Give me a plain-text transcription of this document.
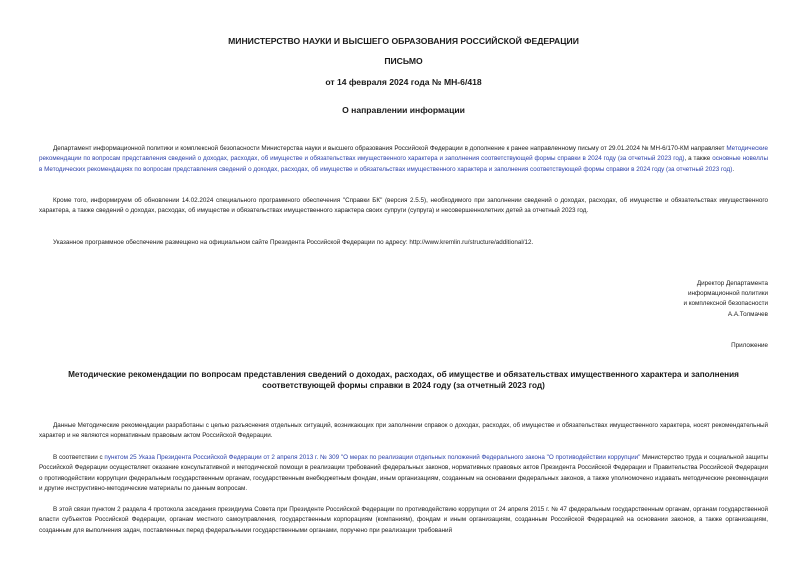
МИНИСТЕРСТВО НАУКИ И ВЫСШЕГО ОБРАЗОВАНИЯ РОССИЙСКОЙ ФЕДЕРАЦИИ

ПИСЬМО

от 14 февраля 2024 года № МН-6/418

О направлении информации

Департамент информационной политики и комплексной безопасности Министерства науки и высшего образования Российской Федерации в дополнение к ранее направленному письму от 29.01.2024 № МН-6/170-КМ направляет Методические рекомендации по вопросам представления сведений о доходах, расходах, об имуществе и обязательствах имущественного характера и заполнения соответствующей формы справки в 2024 году (за отчетный 2023 год), а также основные новеллы в Методических рекомендациях по вопросам представления сведений о доходах, расходах, об имуществе и обязательствах имущественного характера и заполнения соответствующей формы справки в 2024 году (за отчетный 2023 год).

Кроме того, информируем об обновлении 14.02.2024 специального программного обеспечения "Справки БК" (версия 2.5.5), необходимого при заполнении сведений о доходах, расходах, об имуществе и обязательствах имущественного характера, а также сведений о доходах, расходах, об имуществе и обязательствах имущественного характера своих супруги (супруга) и несовершеннолетних детей за отчетный 2023 год.

Указанное программное обеспечение размещено на официальном сайте Президента Российской Федерации по адресу: http://www.kremlin.ru/structure/additional/12.

Директор Департамента
информационной политики
и комплексной безопасности
А.А.Толмачев

Приложение

Методические рекомендации по вопросам представления сведений о доходах, расходах, об имуществе и обязательствах имущественного характера и заполнения соответствующей формы справки в 2024 году (за отчетный 2023 год)

Данные Методические рекомендации разработаны с целью разъяснения отдельных ситуаций, возникающих при заполнении справок о доходах, расходах, об имуществе и обязательствах имущественного характера, носят рекомендательный характер и не являются нормативным правовым актом Российской Федерации.

В соответствии с пунктом 25 Указа Президента Российской Федерации от 2 апреля 2013 г. № 309 "О мерах по реализации отдельных положений Федерального закона "О противодействии коррупции" Министерство труда и социальной защиты Российской Федерации осуществляет оказание консультативной и методической помощи в реализации требований федеральных законов, нормативных правовых актов Президента Российской Федерации и Правительства Российской Федерации о противодействии коррупции федеральным государственным органам, государственным внебюджетным фондам, иным организациям, созданным на основании федеральных законов, а также уполномочено издавать методические рекомендации и другие инструктивно-методические материалы по данным вопросам.

В этой связи пунктом 2 раздела 4 протокола заседания президиума Совета при Президенте Российской Федерации по противодействию коррупции от 24 апреля 2015 г. № 47 федеральным государственным органам, органам государственной власти субъектов Российской Федерации, органам местного самоуправления, государственным корпорациям (компаниям), фондам и иным организациям, созданным Российской Федерацией на основании законов, а также организациям, созданным для выполнения задач, поставленных перед федеральными государственными органами, поручено при реализации требований
